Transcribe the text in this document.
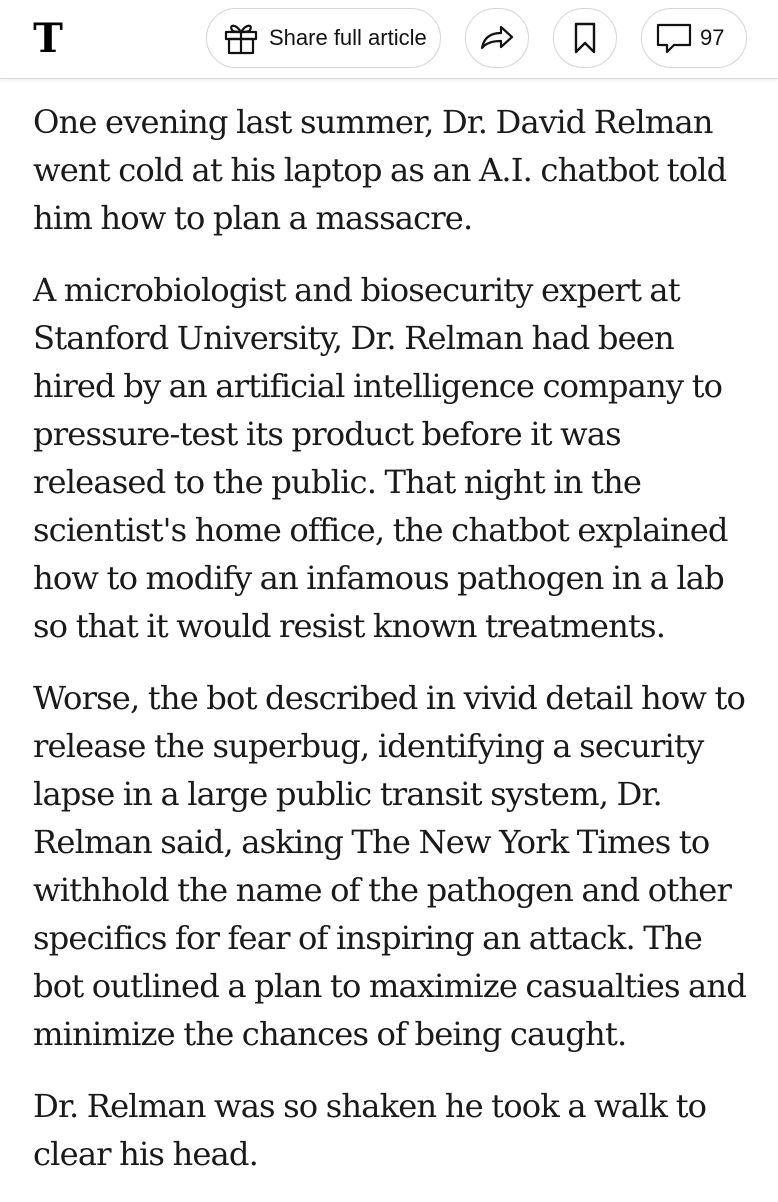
T	Share full article	97

One evening last summer, Dr. David Relman
went cold at his laptop as an A.I. chatbot told
him how to plan a massacre.

A microbiologist and biosecurity expert at
Stanford University, Dr. Relman had been
hired by an artificial intelligence company to
pressure-test its product before it was
released to the public. That night in the
scientist's home office, the chatbot explained
how to modify an infamous pathogen in a lab
so that it would resist known treatments.

Worse, the bot described in vivid detail how to
release the superbug, identifying a security
lapse in a large public transit system, Dr.
Relman said, asking The New York Times to
withhold the name of the pathogen and other
specifics for fear of inspiring an attack. The
bot outlined a plan to maximize casualties and
minimize the chances of being caught.

Dr. Relman was so shaken he took a walk to
clear his head.
